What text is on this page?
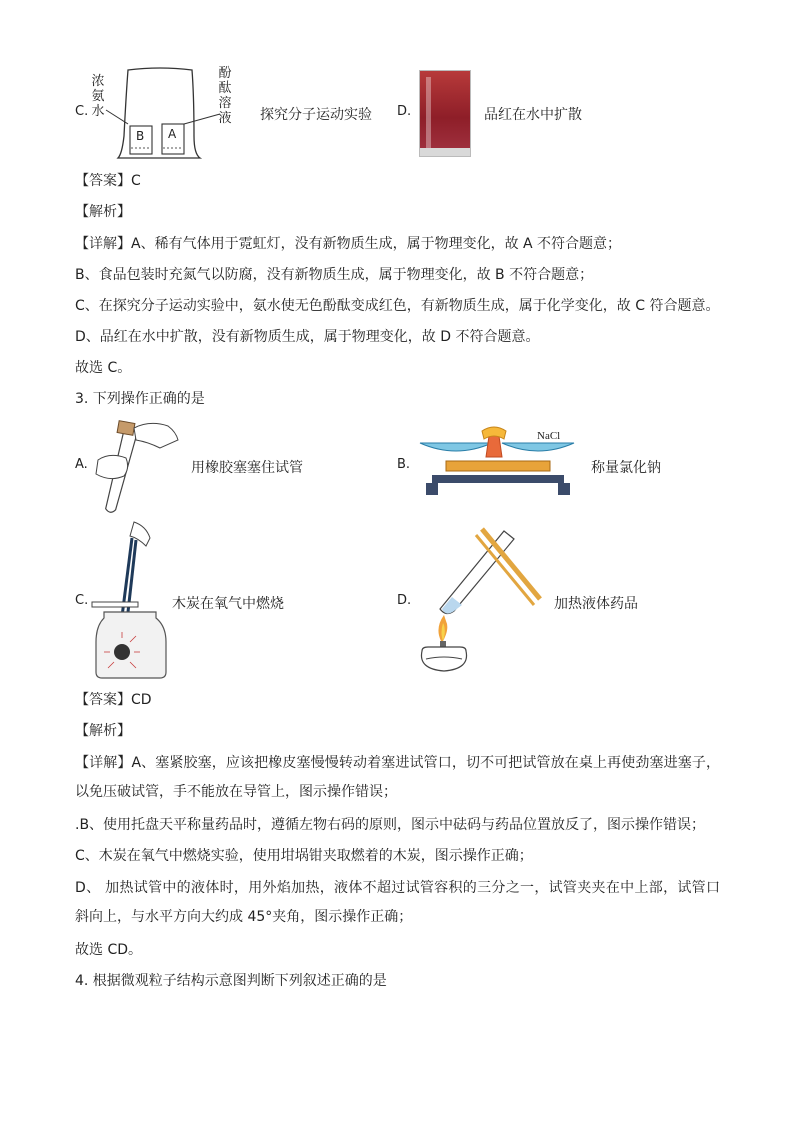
C.
浓
氨
水
酚
酞
溶
液
B A
探究分子运动实验 D.	品红在水中扩散
【答案】C
【解析】
【详解】A、稀有气体用于霓虹灯，没有新物质生成，属于物理变化，故 A 不符合题意；
B、食品包装时充氮气以防腐，没有新物质生成，属于物理变化，故 B 不符合题意；
C、在探究分子运动实验中，氨水使无色酚酞变成红色，有新物质生成，属于化学变化，故 C 符合题意。
D、品红在水中扩散，没有新物质生成，属于物理变化，故 D 不符合题意。
故选 C。
3. 下列操作正确的是
A.	用橡胶塞塞住试管	B.
NaCl
称量氯化钠
C.	木炭在氧气中燃烧	D.	加热液体药品
【答案】CD
【解析】
【详解】A、塞紧胶塞，应该把橡皮塞慢慢转动着塞进试管口，切不可把试管放在桌上再使劲塞进塞子，以免压破试管，手不能放在导管上，图示操作错误；
.B、使用托盘天平称量药品时，遵循左物右码的原则，图示中砝码与药品位置放反了，图示操作错误；
C、木炭在氧气中燃烧实验，使用坩埚钳夹取燃着的木炭，图示操作正确；
D、 加热试管中的液体时，用外焰加热，液体不超过试管容积的三分之一，试管夹夹在中上部，试管口斜向上，与水平方向大约成 45°夹角，图示操作正确；
故选 CD。
4. 根据微观粒子结构示意图判断下列叙述正确的是
